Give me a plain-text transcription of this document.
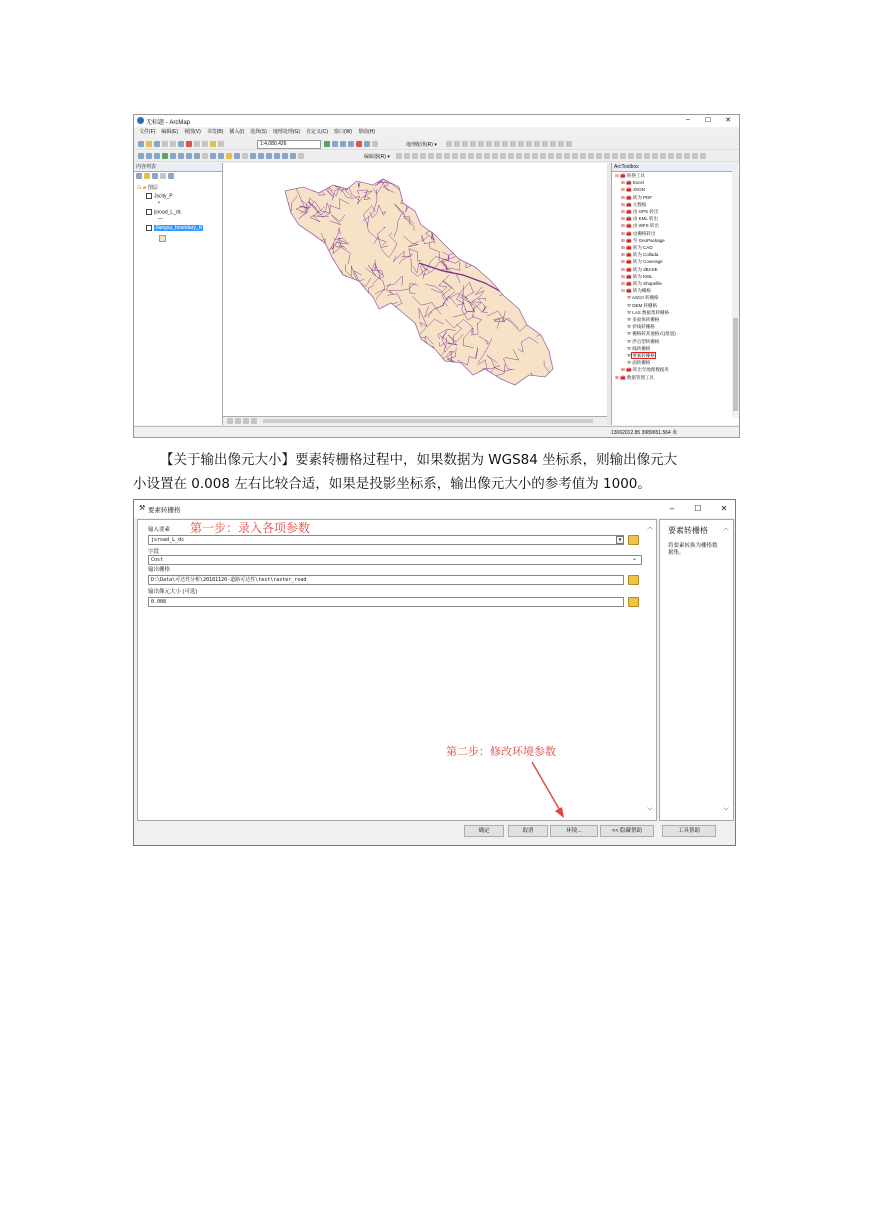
无标题 - ArcMap	–	☐ ✕
文件(F) 编辑(E) 视图(V) 书签(B) 插入(I) 选择(S) 地理处理(G) 自定义(C) 窗口(W) 帮助(H)
1:4,080,426	地理配准(R) ▾
编辑器(R) ▾
内容列表
⊟ ▰ 图层
Jscity_P
•
jsroad_L_dc
—
Jiangsu_boundary_R
ArcToolbox
⊟ 🧰 转换工具
⊞ 🧰 Excel
⊞ 🧰 JSON
⊞ 🧰 转为 PDF
⊞ 🧰 元数据
⊞ 🧰 由 GPS 转出
⊞ 🧰 由 KML 转出
⊞ 🧰 由 WFS 转出
⊞ 🧰 由栅格转出
⊞ 🧰 至 GeoPackage
⊞ 🧰 转为 CAD
⊞ 🧰 转为 Collada
⊞ 🧰 转为 Coverage
⊞ 🧰 转为 dBASE
⊞ 🧰 转为 KML
⊞ 🧰 转为 Shapefile
⊟ 🧰 转为栅格
⚒ ASCII 转栅格
⚒ DEM 转栅格
⚒ LAS 数据集转栅格
⚒ 多面体转栅格
⚒ 折线转栅格
⚒ 栅格转其他格式(批量)
⚒ 浮点型转栅格
⚒ 线转栅格
⚒ 要素转栅格
⚒ 面转栅格
⊞ 🧰 转出至地理数据库
⊞ 🧰 数据管理工具
13062012.85 3989651.564 米
【关于输出像元大小】要素转栅格过程中，如果数据为 WGS84 坐标系，则输出像元大
小设置在 0.008 左右比较合适，如果是投影坐标系，输出像元大小的参考值为 1000。
⚒ 要素转栅格	–	☐ ✕
输入要素 第一步：录入各项参数
jsroad_L_dc	▾
字段
Cost	⌄
输出栅格
D:\Data\可达性分析\20181120-道路可达性\test\raster_road
输出像元大小 (可选)
0.008
第二步：修改环境参数
︿
﹀
要素转栅格
将要素转换为栅格数据集。
︿
﹀
确定	取消	环境...	<< 隐藏帮助	工具帮助
